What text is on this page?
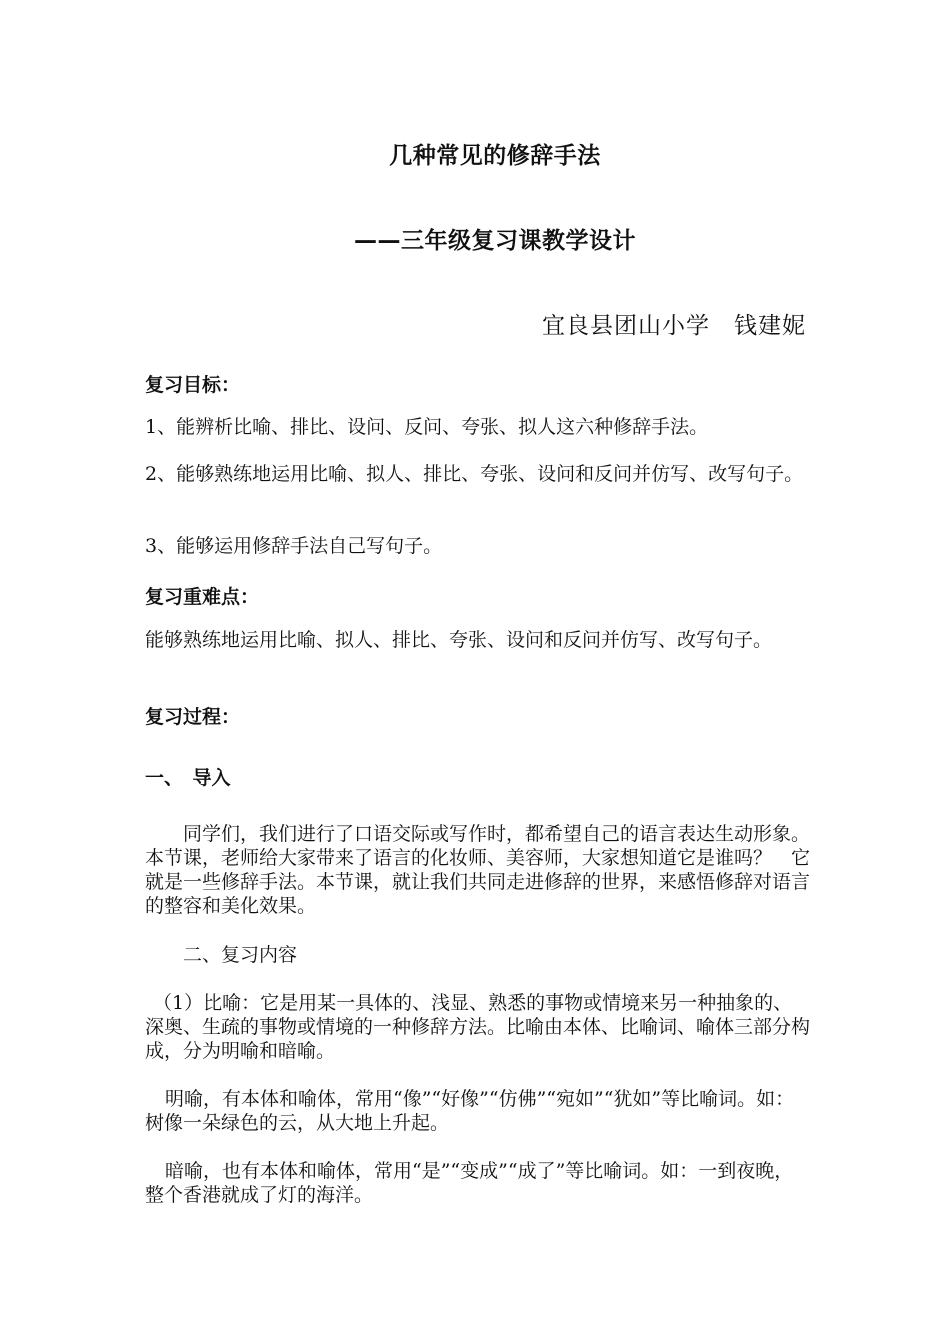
几种常见的修辞手法
——三年级复习课教学设计
宜良县团山小学　钱建妮
复习目标：
1、能辨析比喻、排比、设问、反问、夸张、拟人这六种修辞手法。
2、能够熟练地运用比喻、拟人、排比、夸张、设问和反问并仿写、改写句子。
3、能够运用修辞手法自己写句子。
复习重难点：
能够熟练地运用比喻、拟人、排比、夸张、设问和反问并仿写、改写句子。
复习过程：
一、　导入
　　同学们，我们进行了口语交际或写作时，都希望自己的语言表达生动形象。本节课，老师给大家带来了语言的化妆师、美容师，大家想知道它是谁吗？　它就是一些修辞手法。本节课，就让我们共同走进修辞的世界，来感悟修辞对语言的整容和美化效果。
二、复习内容
（1）比喻：它是用某一具体的、浅显、熟悉的事物或情境来另一种抽象的、深奥、生疏的事物或情境的一种修辞方法。比喻由本体、比喻词、喻体三部分构成，分为明喻和暗喻。
明喻，有本体和喻体，常用“像”“好像”“仿佛”“宛如”“犹如”等比喻词。如：树像一朵绿色的云，从大地上升起。
暗喻，也有本体和喻体，常用“是”“变成”“成了”等比喻词。如：一到夜晚，整个香港就成了灯的海洋。
